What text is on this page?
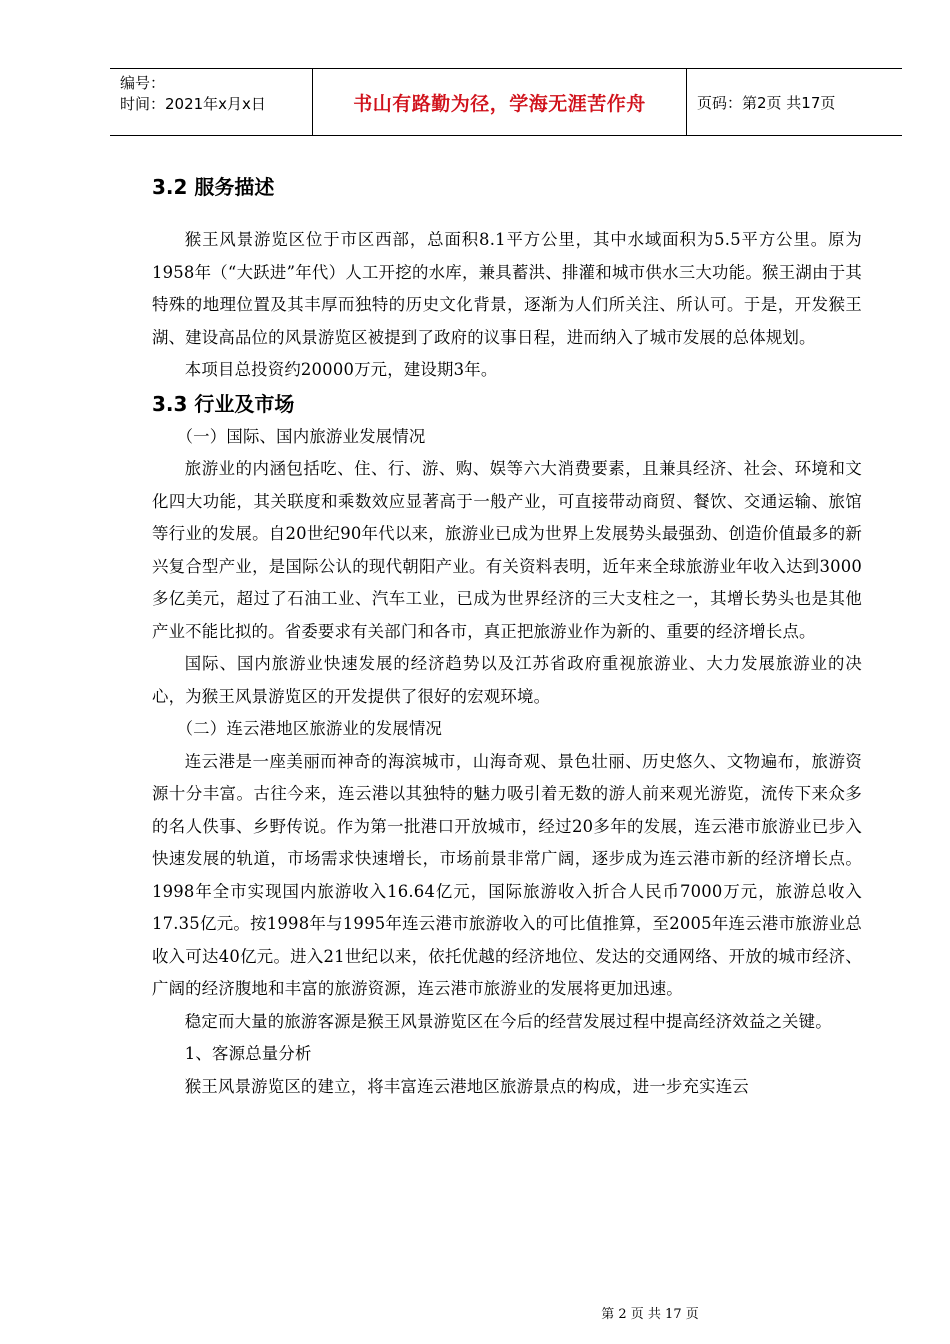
编号：
时间：2021年x月x日	书山有路勤为径，学海无涯苦作舟	页码：第2页 共17页
3.2 服务描述

猴王风景游览区位于市区西部，总面积8.1平方公里，其中水域面积为5.5平方公里。原为1958年（“大跃进”年代）人工开挖的水库，兼具蓄洪、排灌和城市供水三大功能。猴王湖由于其特殊的地理位置及其丰厚而独特的历史文化背景，逐渐为人们所关注、所认可。于是，开发猴王湖、建设高品位的风景游览区被提到了政府的议事日程，进而纳入了城市发展的总体规划。

本项目总投资约20000万元，建设期3年。

3.3 行业及市场

（一）国际、国内旅游业发展情况

旅游业的内涵包括吃、住、行、游、购、娱等六大消费要素，且兼具经济、社会、环境和文化四大功能，其关联度和乘数效应显著高于一般产业，可直接带动商贸、餐饮、交通运输、旅馆等行业的发展。自20世纪90年代以来，旅游业已成为世界上发展势头最强劲、创造价值最多的新兴复合型产业，是国际公认的现代朝阳产业。有关资料表明，近年来全球旅游业年收入达到3000多亿美元，超过了石油工业、汽车工业，已成为世界经济的三大支柱之一，其增长势头也是其他产业不能比拟的。省委要求有关部门和各市，真正把旅游业作为新的、重要的经济增长点。

国际、国内旅游业快速发展的经济趋势以及江苏省政府重视旅游业、大力发展旅游业的决心，为猴王风景游览区的开发提供了很好的宏观环境。

（二）连云港地区旅游业的发展情况

连云港是一座美丽而神奇的海滨城市，山海奇观、景色壮丽、历史悠久、文物遍布，旅游资源十分丰富。古往今来，连云港以其独特的魅力吸引着无数的游人前来观光游览，流传下来众多的名人佚事、乡野传说。作为第一批港口开放城市，经过20多年的发展，连云港市旅游业已步入快速发展的轨道，市场需求快速增长，市场前景非常广阔，逐步成为连云港市新的经济增长点。1998年全市实现国内旅游收入16.64亿元，国际旅游收入折合人民币7000万元，旅游总收入17.35亿元。按1998年与1995年连云港市旅游收入的可比值推算，至2005年连云港市旅游业总收入可达40亿元。进入21世纪以来，依托优越的经济地位、发达的交通网络、开放的城市经济、广阔的经济腹地和丰富的旅游资源，连云港市旅游业的发展将更加迅速。

稳定而大量的旅游客源是猴王风景游览区在今后的经营发展过程中提高经济效益之关键。

1、客源总量分析

猴王风景游览区的建立，将丰富连云港地区旅游景点的构成，进一步充实连云

第 2 页 共 17 页
